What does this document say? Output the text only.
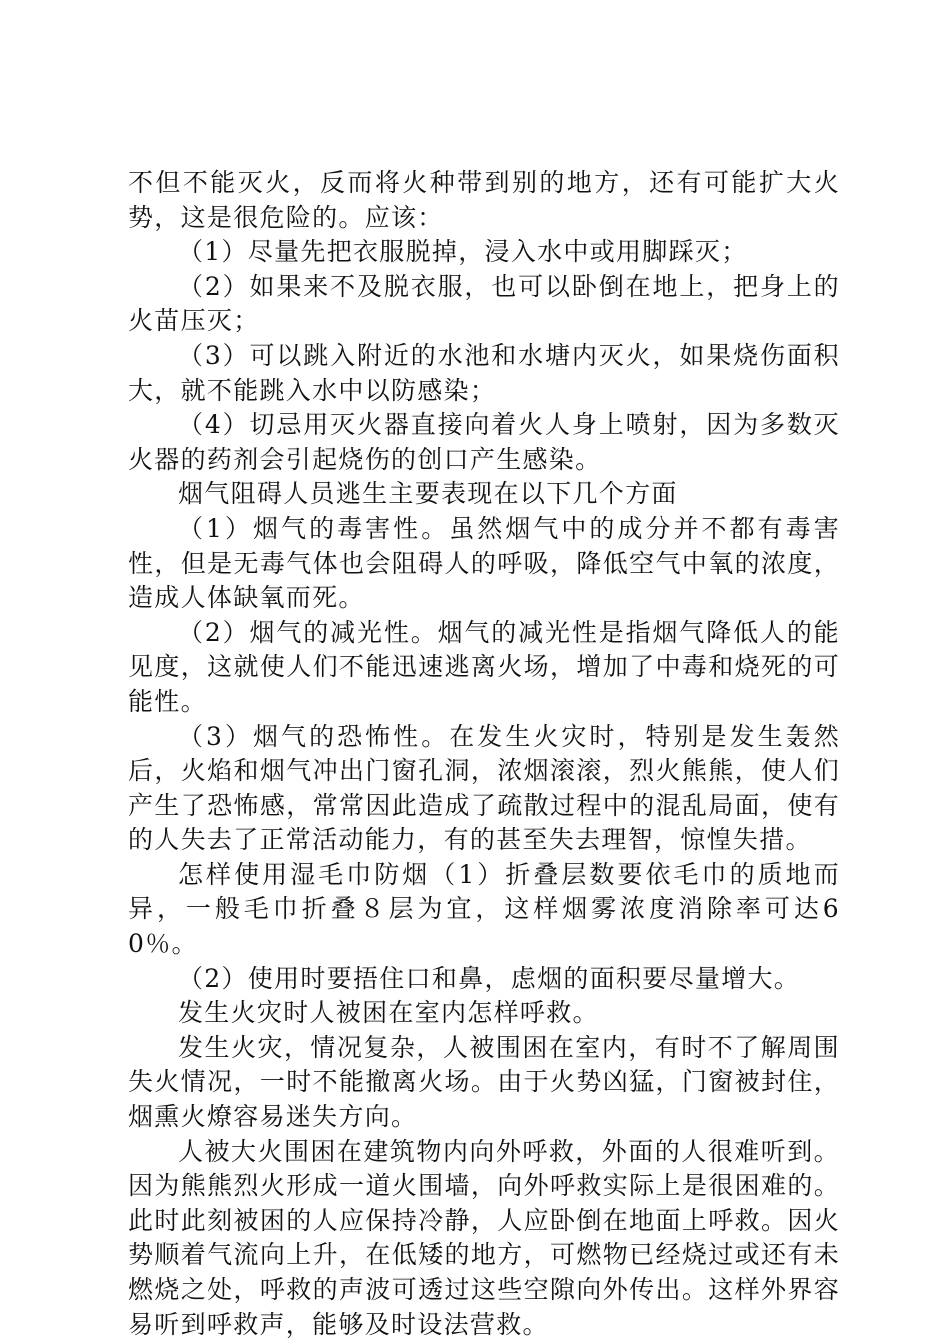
不但不能灭火，反而将火种带到别的地方，还有可能扩大火势，这是很危险的。应该：

（1）尽量先把衣服脱掉，浸入水中或用脚踩灭；

（2）如果来不及脱衣服，也可以卧倒在地上，把身上的火苗压灭；

（3）可以跳入附近的水池和水塘内灭火，如果烧伤面积大，就不能跳入水中以防感染；

（4）切忌用灭火器直接向着火人身上喷射，因为多数灭火器的药剂会引起烧伤的创口产生感染。

烟气阻碍人员逃生主要表现在以下几个方面

（1）烟气的毒害性。虽然烟气中的成分并不都有毒害性，但是无毒气体也会阻碍人的呼吸，降低空气中氧的浓度，造成人体缺氧而死。

（2）烟气的减光性。烟气的减光性是指烟气降低人的能见度，这就使人们不能迅速逃离火场，增加了中毒和烧死的可能性。

（3）烟气的恐怖性。在发生火灾时，特别是发生轰然后，火焰和烟气冲出门窗孔洞，浓烟滚滚，烈火熊熊，使人们产生了恐怖感，常常因此造成了疏散过程中的混乱局面，使有的人失去了正常活动能力，有的甚至失去理智，惊惶失措。

怎样使用湿毛巾防烟（1）折叠层数要依毛巾的质地而异，一般毛巾折叠８层为宜，这样烟雾浓度消除率可达60％。

（2）使用时要捂住口和鼻，虑烟的面积要尽量增大。

发生火灾时人被困在室内怎样呼救。

发生火灾，情况复杂，人被围困在室内，有时不了解周围失火情况，一时不能撤离火场。由于火势凶猛，门窗被封住，烟熏火燎容易迷失方向。

人被大火围困在建筑物内向外呼救，外面的人很难听到。因为熊熊烈火形成一道火围墙，向外呼救实际上是很困难的。此时此刻被困的人应保持冷静，人应卧倒在地面上呼救。因火势顺着气流向上升，在低矮的地方，可燃物已经烧过或还有未燃烧之处，呼救的声波可透过这些空隙向外传出。这样外界容易听到呼救声，能够及时设法营救。
